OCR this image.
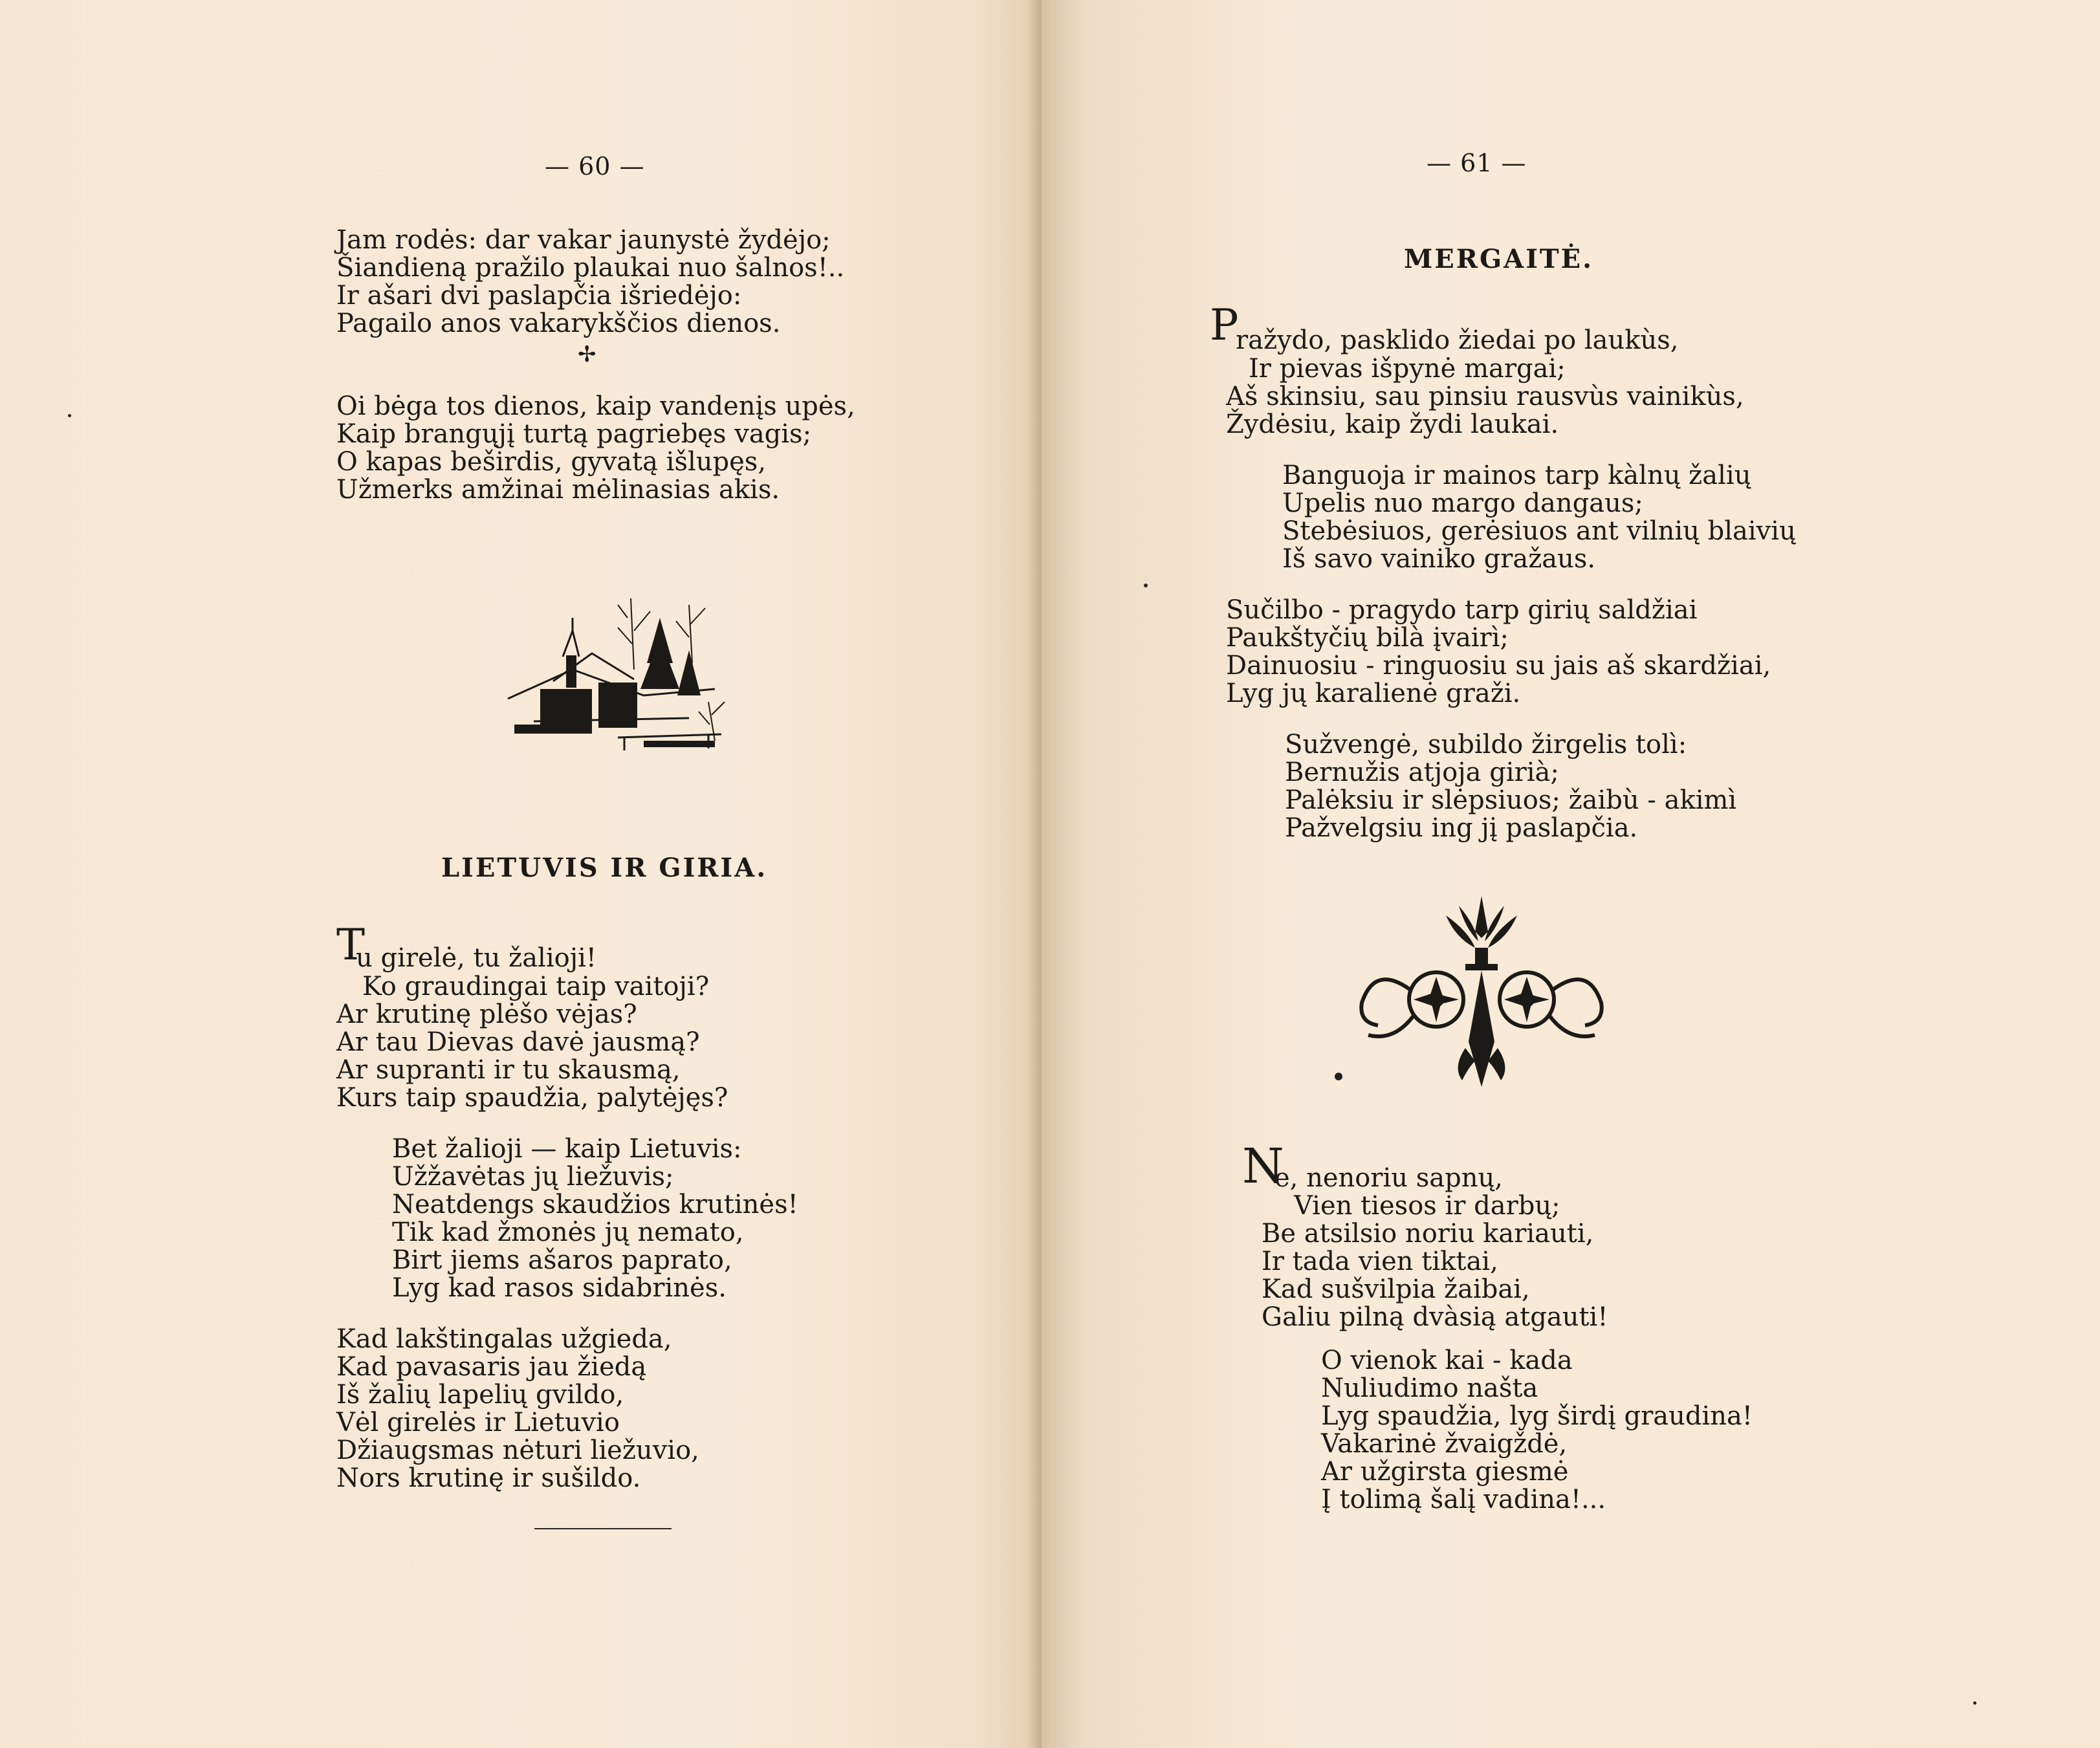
— 60 —
Jam rodės: dar vakar jaunystė žydėjo;
Šiandieną pražilo plaukai nuo šalnos!..
Ir ašari dvi paslapčia išriedėjo:
Pagailo anos vakarykščios dienos.
✢
Oi bėga tos dienos, kaip vandenįs upės,
Kaip brangųjį turtą pagriebęs vagis;
O kapas beširdis, gyvatą išlupęs,
Užmerks amžinai mėlinasias akis.
LIETUVIS IR GIRIA.
T
u girelė, tu žalioji!
Ko graudingai taip vaitoji?
Ar krutinę plėšo vėjas?
Ar tau Dievas davė jausmą?
Ar supranti ir tu skausmą,
Kurs taip spaudžia, palytėjęs?
Bet žalioji — kaip Lietuvis:
Užžavėtas jų liežuvis;
Neatdengs skaudžios krutinės!
Tik kad žmonės jų nemato,
Birt jiems ašaros paprato,
Lyg kad rasos sidabrinės.
Kad lakštingalas užgieda,
Kad pavasaris jau žiedą
Iš žalių lapelių gvildo,
Vėl girelės ir Lietuvio
Džiaugsmas nėturi liežuvio,
Nors krutinę ir sušildo.
— 61 —
MERGAITĖ.
P
ražydo, pasklido žiedai po laukùs,
Ir pievas išpynė margai;
Aš skinsiu, sau pinsiu rausvùs vainikùs,
Žydėsiu, kaip žydi laukai.
Banguoja ir mainos tarp kàlnų žalių
Upelis nuo margo dangaus;
Stebėsiuos, gerėsiuos ant vilnių blaivių
Iš savo vainiko gražaus.
Sučilbo - pragydo tarp girių saldžiai
Paukštyčių bilà įvairì;
Dainuosiu - ringuosiu su jais aš skardžiai,
Lyg jų karalienė graži.
Sužvengė, subildo žirgelis tolì:
Bernužis atjoja girià;
Palėksiu ir slėpsiuos; žaibù - akimì
Pažvelgsiu ing jį paslapčia.
N
e, nenoriu sapnų,
Vien tiesos ir darbų;
Be atsilsio noriu kariauti,
Ir tada vien tiktai,
Kad sušvilpia žaibai,
Galiu pilną dvàsią atgauti!
O vienok kai - kada
Nuliudimo našta
Lyg spaudžia, lyg širdį graudina!
Vakarinė žvaigždė,
Ar užgirsta giesmė
Į tolimą šalį vadina!...
